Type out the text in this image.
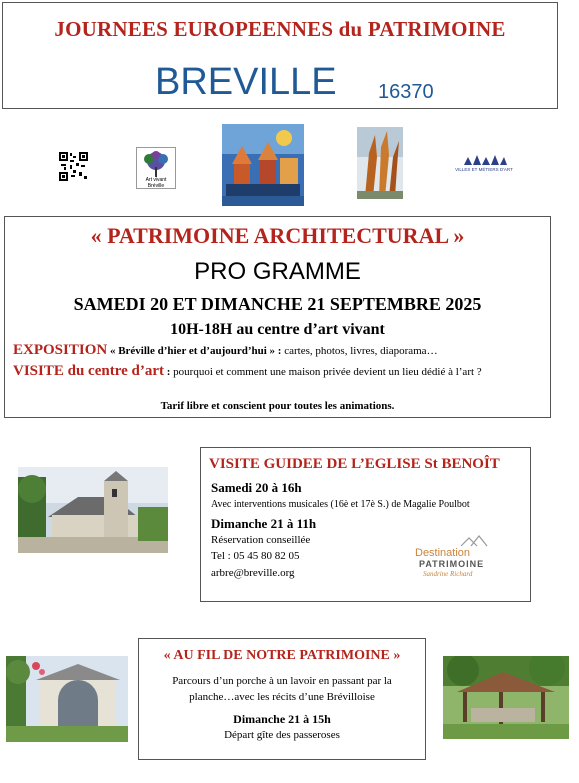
JOURNEES EUROPEENNES du PATRIMOINE
BREVILLE 16370
Art vivant Bréville
VILLES ET MÉTIERS D'ART
« PATRIMOINE ARCHITECTURAL »
PRO GRAMME
SAMEDI 20 ET DIMANCHE 21 SEPTEMBRE 2025
10H-18H au centre d’art vivant
EXPOSITION « Bréville d’hier et d’aujourd’hui » : cartes, photos, livres, diaporama…
VISITE du centre d’art : pourquoi et comment une maison privée devient un lieu dédié à l’art ?
Tarif libre et conscient pour toutes les animations.
VISITE GUIDEE DE L’EGLISE St BENOÎT
Samedi 20 à 16h
Avec interventions musicales (16è et 17è S.) de Magalie Poulbot
Dimanche 21 à 11h
Réservation conseillée
Tel : 05 45 80 82 05
arbre@breville.org
Destination
PATRIMOINE
Sandrine Richard
« AU FIL DE NOTRE PATRIMOINE »
Parcours d’un porche à un lavoir en passant par la
planche…avec les récits d’une Brévilloise
Dimanche 21 à 15h
Départ gîte des passeroses
